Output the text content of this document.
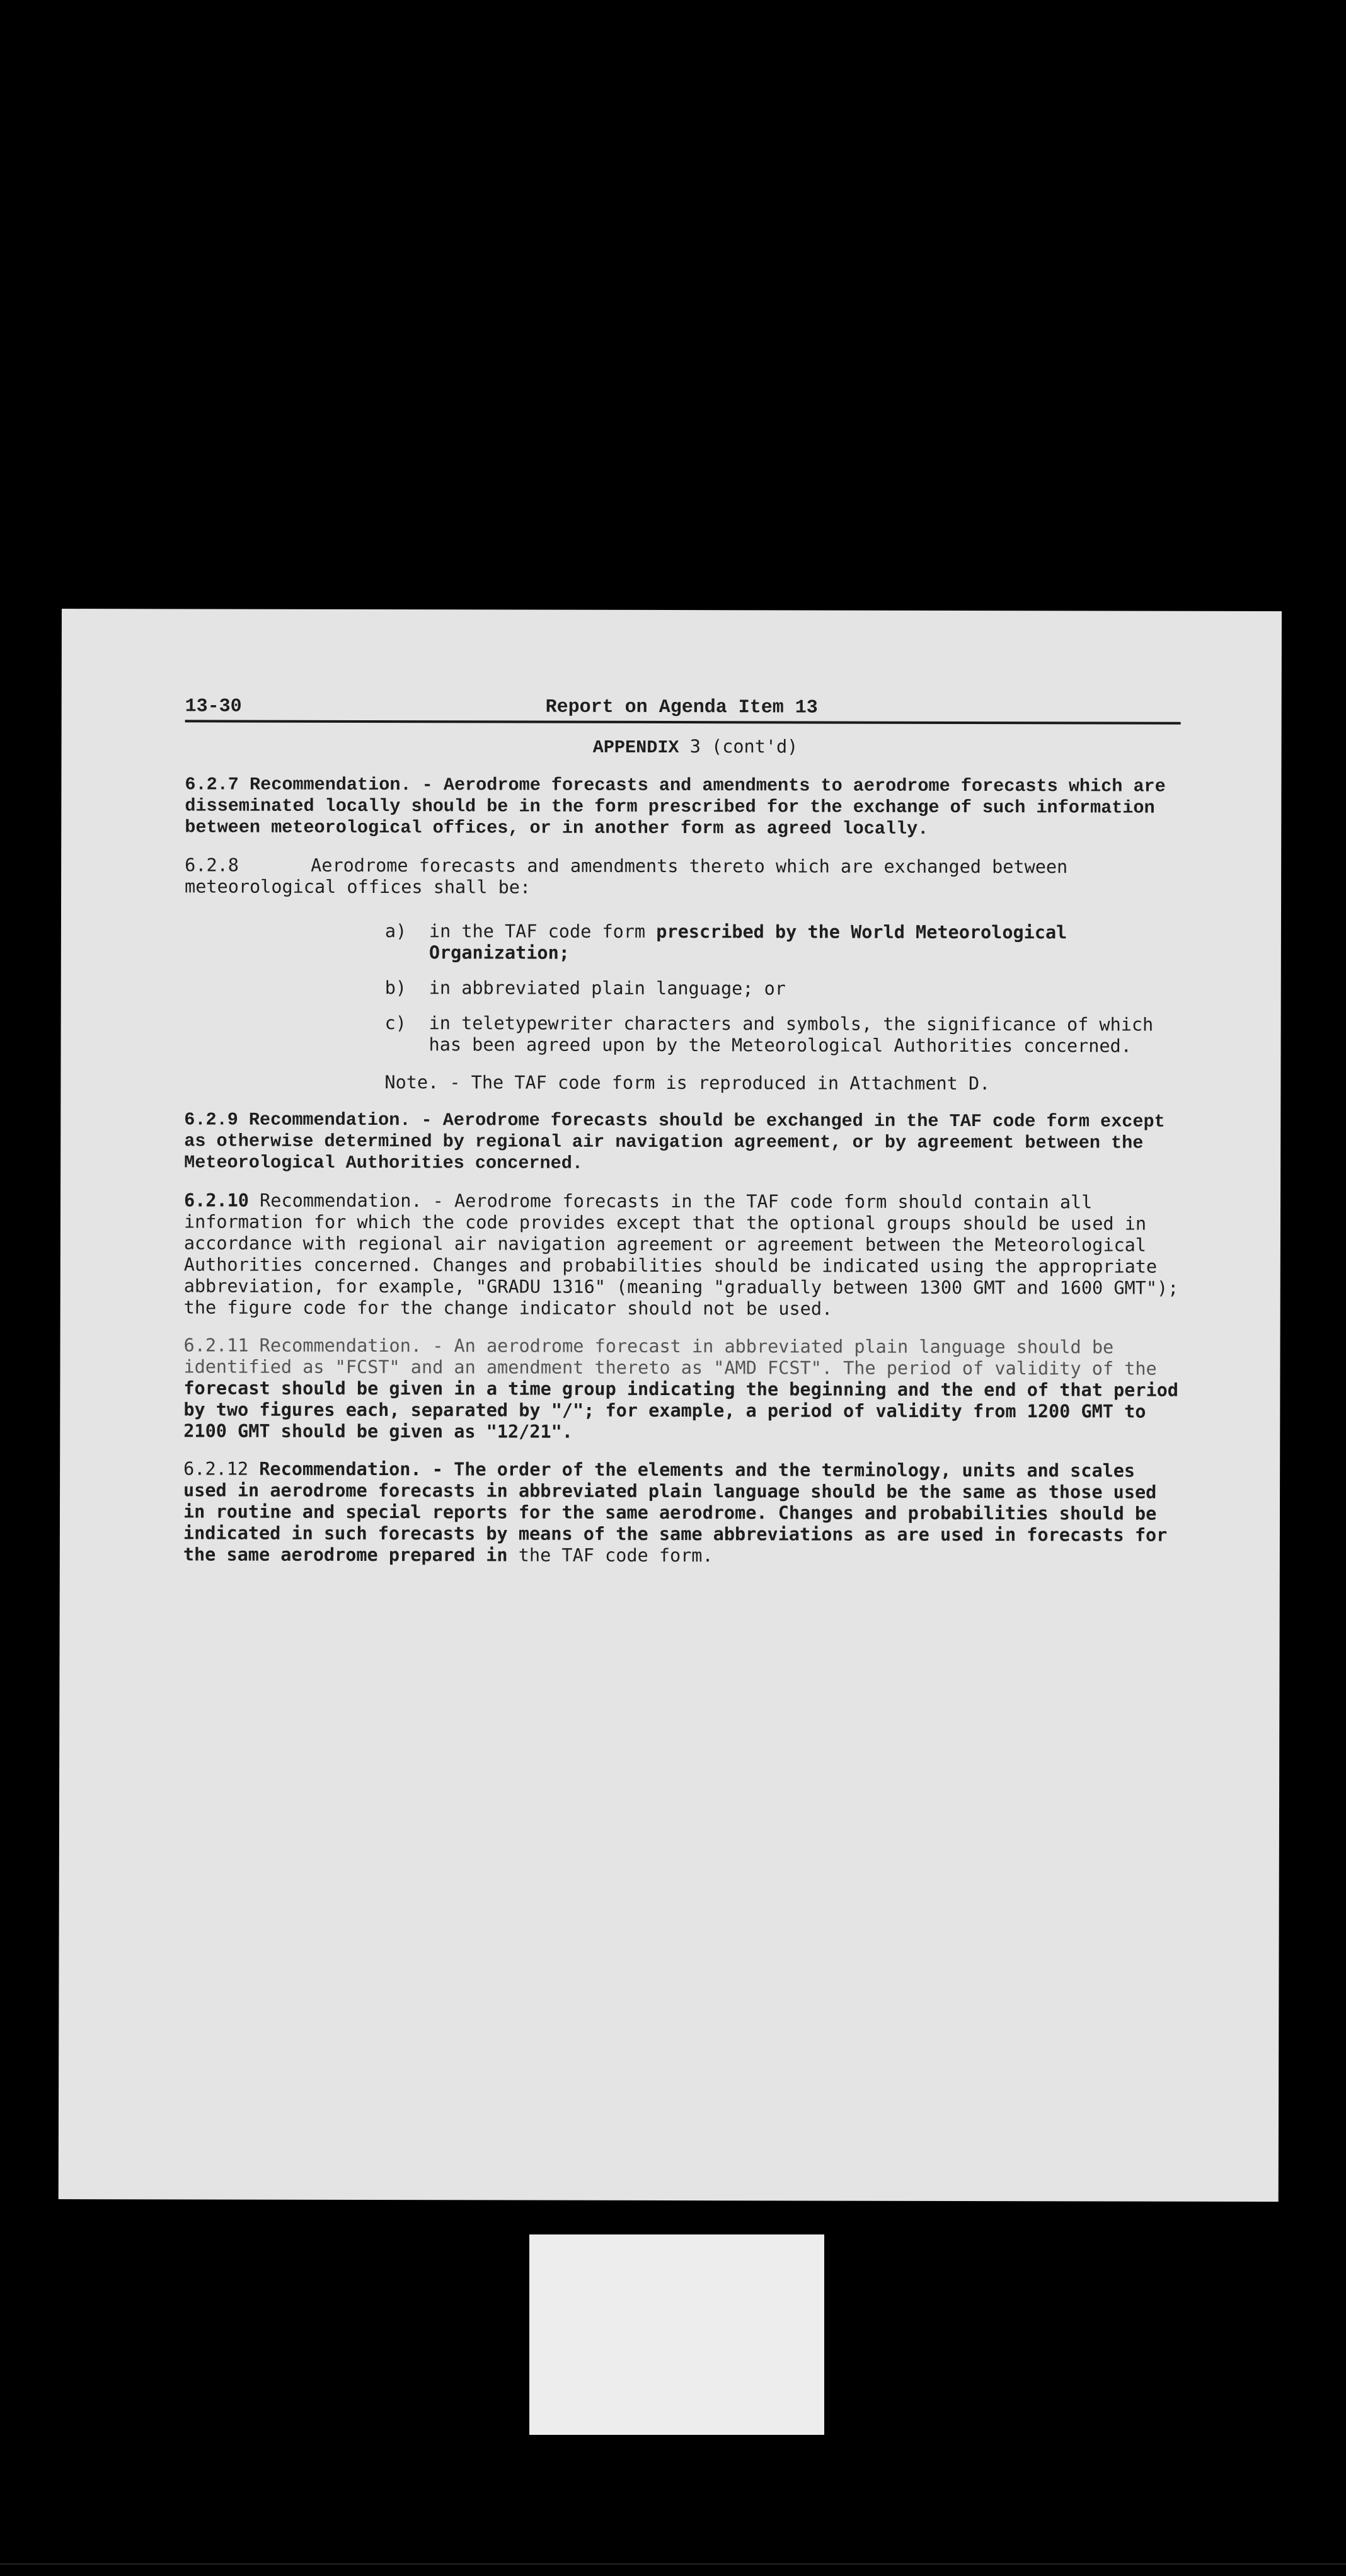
13-30	Report on Agenda Item 13
APPENDIX 3 (cont'd)
6.2.7 Recommendation. - Aerodrome forecasts and amendments to aerodrome forecasts which are disseminated locally should be in the form prescribed for the exchange of such information between meteorological offices, or in another form as agreed locally.
6.2.8	Aerodrome forecasts and amendments thereto which are exchanged between meteorological offices shall be:
a)	in the TAF code form prescribed by the World Meteorological Organization;
b)	in abbreviated plain language; or
c)	in teletypewriter characters and symbols, the significance of which has been agreed upon by the Meteorological Authorities concerned.
Note. - The TAF code form is reproduced in Attachment D.
6.2.9 Recommendation. - Aerodrome forecasts should be exchanged in the TAF code form except as otherwise determined by regional air navigation agreement, or by agreement between the Meteorological Authorities concerned.
6.2.10 Recommendation. - Aerodrome forecasts in the TAF code form should contain all information for which the code provides except that the optional groups should be used in accordance with regional air navigation agreement or agreement between the Meteorological Authorities concerned. Changes and probabilities should be indicated using the appropriate abbreviation, for example, "GRADU 1316" (meaning "gradually between 1300 GMT and 1600 GMT"); the figure code for the change indicator should not be used.
6.2.11 Recommendation. - An aerodrome forecast in abbreviated plain language should be identified as "FCST" and an amendment thereto as "AMD FCST". The period of validity of the forecast should be given in a time group indicating the beginning and the end of that period by two figures each, separated by "/"; for example, a period of validity from 1200 GMT to 2100 GMT should be given as "12/21".
6.2.12 Recommendation. - The order of the elements and the terminology, units and scales used in aerodrome forecasts in abbreviated plain language should be the same as those used in routine and special reports for the same aerodrome. Changes and probabilities should be indicated in such forecasts by means of the same abbreviations as are used in forecasts for the same aerodrome prepared in the TAF code form.
